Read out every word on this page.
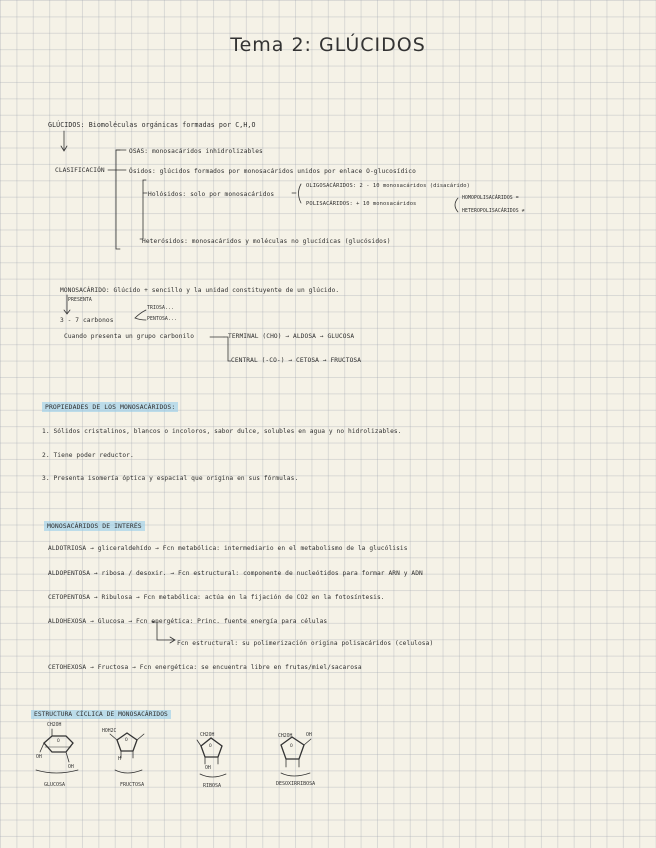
Tema 2: GLÚCIDOS
GLÚCIDOS: Biomoléculas orgánicas formadas por C,H,O
CLASIFICACIÓN
OSAS: monosacáridos inhidrolizables
Ósidos: glúcidos formados por monosacáridos unidos por enlace O-glucosídico
Holósidos: solo por monosacáridos
OLIGOSACÁRIDOS: 2 - 10 monosacáridos (disacárido)
POLISACÁRIDOS: + 10 monosacáridos
HOMOPOLISACÁRIDOS =
HETEROPOLISACÁRIDOS ≠
Heterósidos: monosacáridos y moléculas no glucídicas (glucósidos)
MONOSACÁRIDO: Glúcido + sencillo y la unidad constituyente de un glúcido.
PRESENTA
3 - 7 carbonos
TRIOSA...
PENTOSA...
Cuando presenta un grupo carbonilo	TERMINAL (CHO) → ALDOSA → GLUCOSA
CENTRAL (-CO-) → CETOSA → FRUCTOSA
PROPIEDADES DE LOS MONOSACÁRIDOS:
1. Sólidos cristalinos, blancos o incoloros, sabor dulce, solubles en agua y no hidrolizables.
2. Tiene poder reductor.
3. Presenta isomería óptica y espacial que origina en sus fórmulas.
MONOSACÁRIDOS DE INTERÉS
ALDOTRIOSA → gliceraldehído → Fcn metabólica: intermediario en el metabolismo de la glucólisis
ALDOPENTOSA → ribosa / desoxir. → Fcn estructural: componente de nucleótidos para formar ARN y ADN
CETOPENTOSA → Ribulosa → Fcn metabólica: actúa en la fijación de CO2 en la fotosíntesis.
ALDOHEXOSA → Glucosa → Fcn energética: Princ. fuente energía para células
Fcn estructural: su polimerización origina polisacáridos (celulosa)
CETOHEXOSA → Fructosa → Fcn energética: se encuentra libre en frutas/miel/sacarosa
ESTRUCTURA CÍCLICA DE MONOSACÁRIDOS
CH2OH
OH
OH
HOH2C
H
CH2OH
OH
CH2OH	OH
GLUCOSA	FRUCTOSA	RIBOSA	DESOXIRRIBOSA
O	O
O	O
